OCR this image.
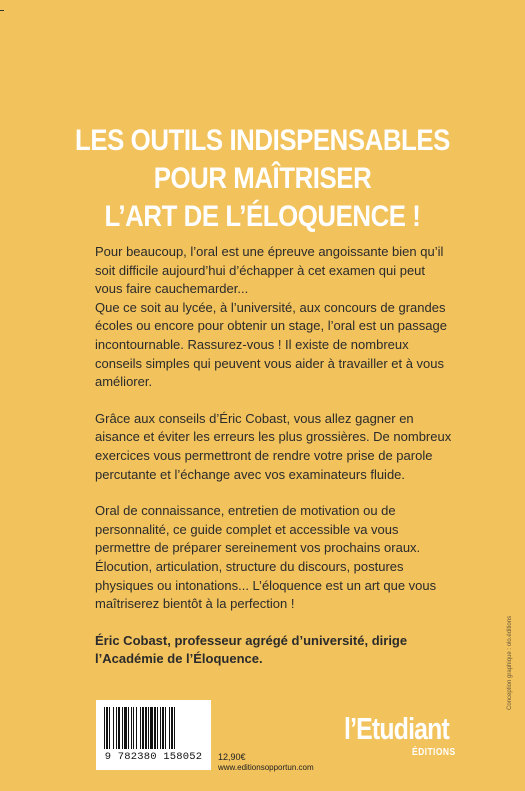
LES OUTILS INDISPENSABLES
POUR MAÎTRISER
L’ART DE L’ÉLOQUENCE !

Pour beaucoup, l’oral est une épreuve angoissante bien qu’il soit difficile aujourd’hui d’échapper à cet examen qui peut vous faire cauchemarder...

Que ce soit au lycée, à l’université, aux concours de grandes écoles ou encore pour obtenir un stage, l’oral est un passage incontournable. Rassurez-vous ! Il existe de nombreux conseils simples qui peuvent vous aider à travailler et à vous améliorer.

Grâce aux conseils d’Éric Cobast, vous allez gagner en aisance et éviter les erreurs les plus grossières. De nombreux exercices vous permettront de rendre votre prise de parole percutante et l’échange avec vos examinateurs fluide.

Oral de connaissance, entretien de motivation ou de personnalité, ce guide complet et accessible va vous permettre de préparer sereinement vos prochains oraux.

Élocution, articulation, structure du discours, postures physiques ou intonations... L’éloquence est un art que vous maîtriserez bientôt à la perfection !

Éric Cobast, professeur agrégé d’université, dirige l’Académie de l’Éloquence.

9 782380 158052	12,90€
www.editionsopportun.com
l’Etudiant
ÉDITIONS
Conception graphique : olo.éditions
